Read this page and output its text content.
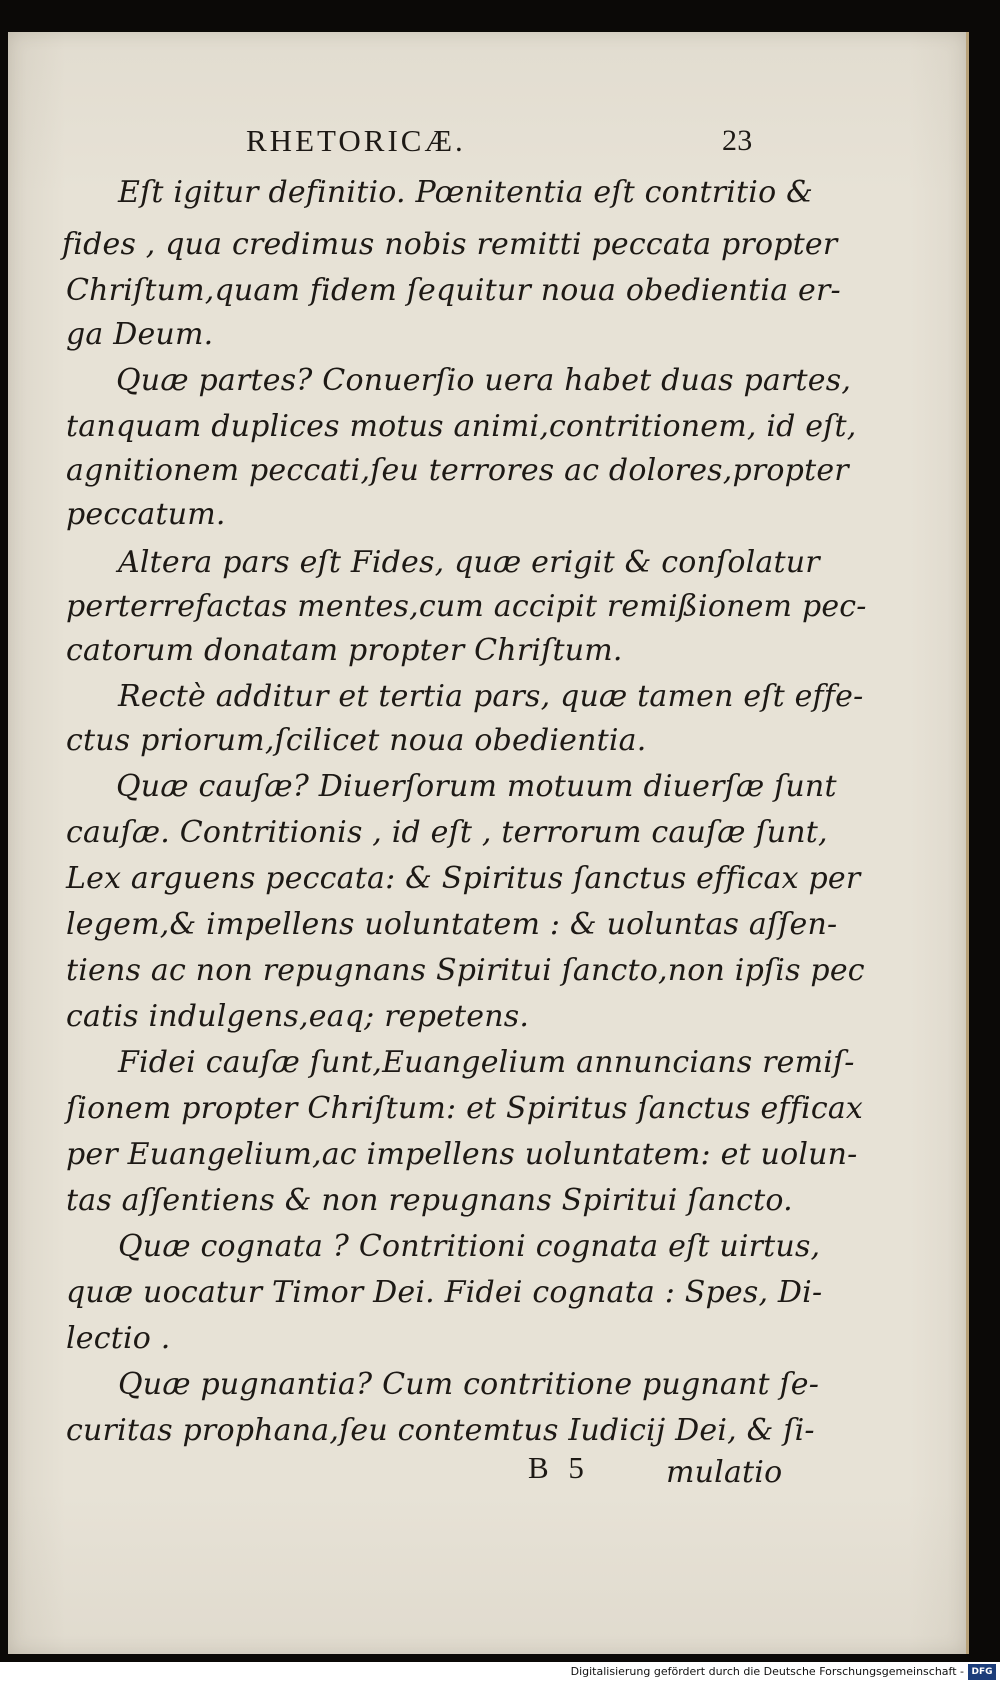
RHETORICÆ.	23
Eſt igitur definitio. Pœnitentia eſt contritio &
fides , qua credimus nobis remitti peccata propter
Chriſtum,quam fidem ſequitur noua obedientia er-
ga Deum.
Quæ partes? Conuerſio uera habet duas partes,
tanquam duplices motus animi,contritionem, id eſt,
agnitionem peccati,ſeu terrores ac dolores,propter
peccatum.
Altera pars eſt Fides, quæ erigit & conſolatur
perterrefactas mentes,cum accipit remißionem pec-
catorum donatam propter Chriſtum.
Rectè additur et tertia pars, quæ tamen eſt effe-
ctus priorum,ſcilicet noua obedientia.
Quæ cauſæ? Diuerſorum motuum diuerſæ ſunt
cauſæ. Contritionis , id eſt , terrorum cauſæ ſunt,
Lex arguens peccata: & Spiritus ſanctus efficax per
legem,& impellens uoluntatem : & uoluntas aſſen-
tiens ac non repugnans Spiritui ſancto,non ipſis pec
catis indulgens,eaq; repetens.
Fidei cauſæ ſunt,Euangelium annuncians remiſ-
ſionem propter Chriſtum: et Spiritus ſanctus efficax
per Euangelium,ac impellens uoluntatem: et uolun-
tas aſſentiens & non repugnans Spiritui ſancto.
Quæ cognata ? Contritioni cognata eſt uirtus,
quæ uocatur Timor Dei. Fidei cognata : Spes, Di-
lectio .
Quæ pugnantia? Cum contritione pugnant ſe-
curitas prophana,ſeu contemtus Iudicij Dei, & ſi-
B 5	mulatio
Digitalisierung gefördert durch die Deutsche Forschungsgemeinschaft - DFG
